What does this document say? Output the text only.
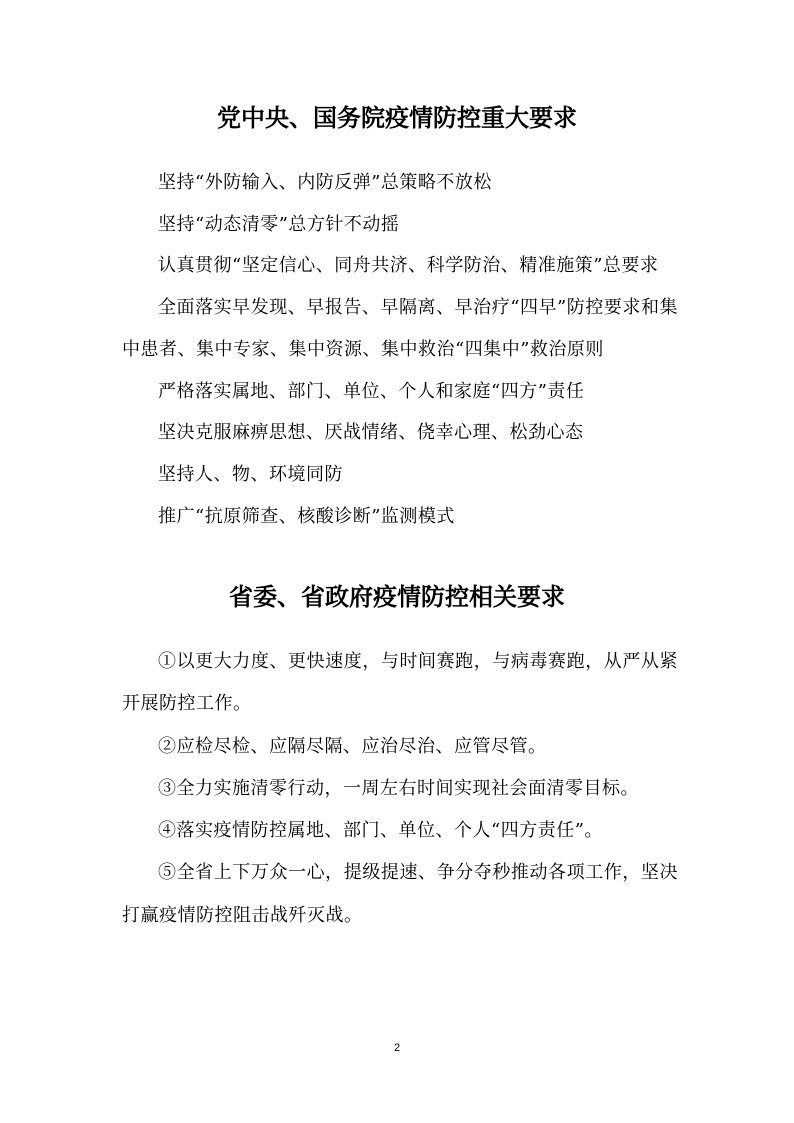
党中央、国务院疫情防控重大要求
坚持“外防输入、内防反弹”总策略不放松
坚持“动态清零”总方针不动摇
认真贯彻“坚定信心、同舟共济、科学防治、精准施策”总要求
全面落实早发现、早报告、早隔离、早治疗“四早”防控要求和集中患者、集中专家、集中资源、集中救治“四集中”救治原则
严格落实属地、部门、单位、个人和家庭“四方”责任
坚决克服麻痹思想、厌战情绪、侥幸心理、松劲心态
坚持人、物、环境同防
推广“抗原筛查、核酸诊断”监测模式
省委、省政府疫情防控相关要求
①以更大力度、更快速度，与时间赛跑，与病毒赛跑，从严从紧开展防控工作。
②应检尽检、应隔尽隔、应治尽治、应管尽管。
③全力实施清零行动，一周左右时间实现社会面清零目标。
④落实疫情防控属地、部门、单位、个人“四方责任”。
⑤全省上下万众一心，提级提速、争分夺秒推动各项工作，坚决打赢疫情防控阻击战歼灭战。
2
